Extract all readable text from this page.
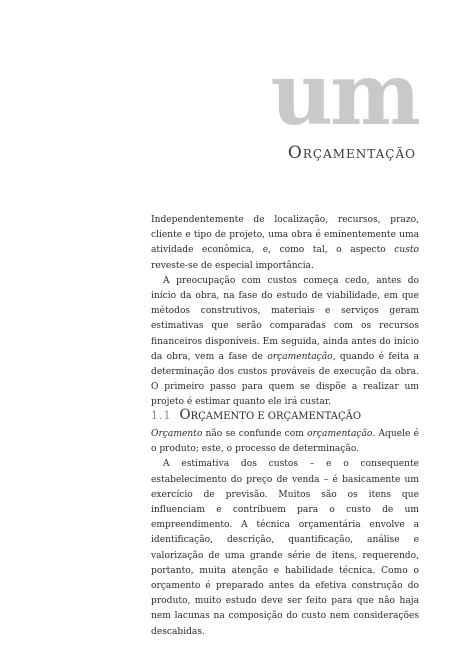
um
ORÇAMENTAÇÃO

Independentemente de localização, recursos, prazo, cliente e tipo de projeto, uma obra é eminentemente uma atividade econômica, e, como tal, o aspecto custo reveste-se de especial importância.

A preocupação com custos começa cedo, antes do início da obra, na fase do estudo de viabilidade, em que métodos construtivos, materiais e serviços geram estimativas que serão comparadas com os recursos financeiros disponíveis. Em seguida, ainda antes do início da obra, vem a fase de orçamentação, quando é feita a determinação dos custos prováveis de execução da obra. O primeiro passo para quem se dispõe a realizar um projeto é estimar quanto ele irá custar.

1.1 ORÇAMENTO E ORÇAMENTAÇÃO

Orçamento não se confunde com orçamentação. Aquele é o produto; este, o processo de determinação.

A estimativa dos custos – e o consequente estabelecimento do preço de venda – é basicamente um exercício de previsão. Muitos são os itens que influenciam e contribuem para o custo de um empreendimento. A técnica orçamentária envolve a identificação, descrição, quantificação, análise e valorização de uma grande série de itens, requerendo, portanto, muita atenção e habilidade técnica. Como o orçamento é preparado antes da efetiva construção do produto, muito estudo deve ser feito para que não haja nem lacunas na composição do custo nem considerações descabidas.
